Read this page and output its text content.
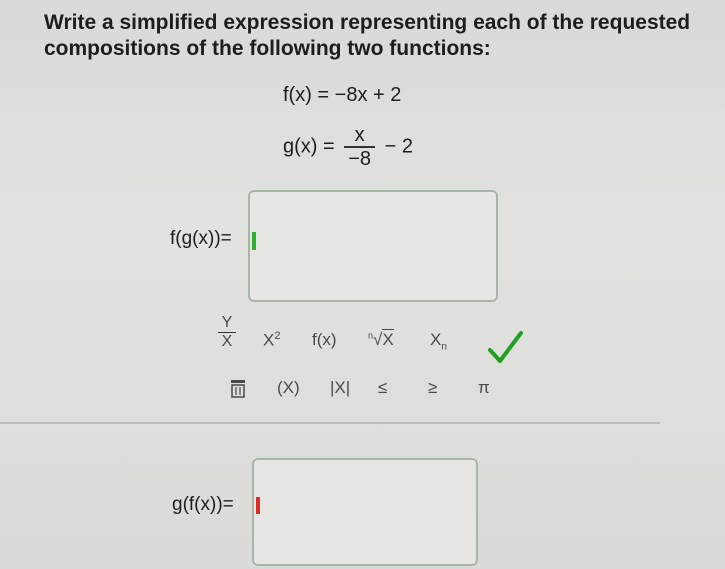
Write a simplified expression representing each of the requested
compositions of the following two functions:
f(x) = −8x + 2
$g(x) = \frac{x}{-8} - 2$
f(g(x))=
$\frac{Y}{X} X^2$ f(x)	$^n$√X $X_n$
(X) |X| ≤ ≥ π
g(f(x))=
